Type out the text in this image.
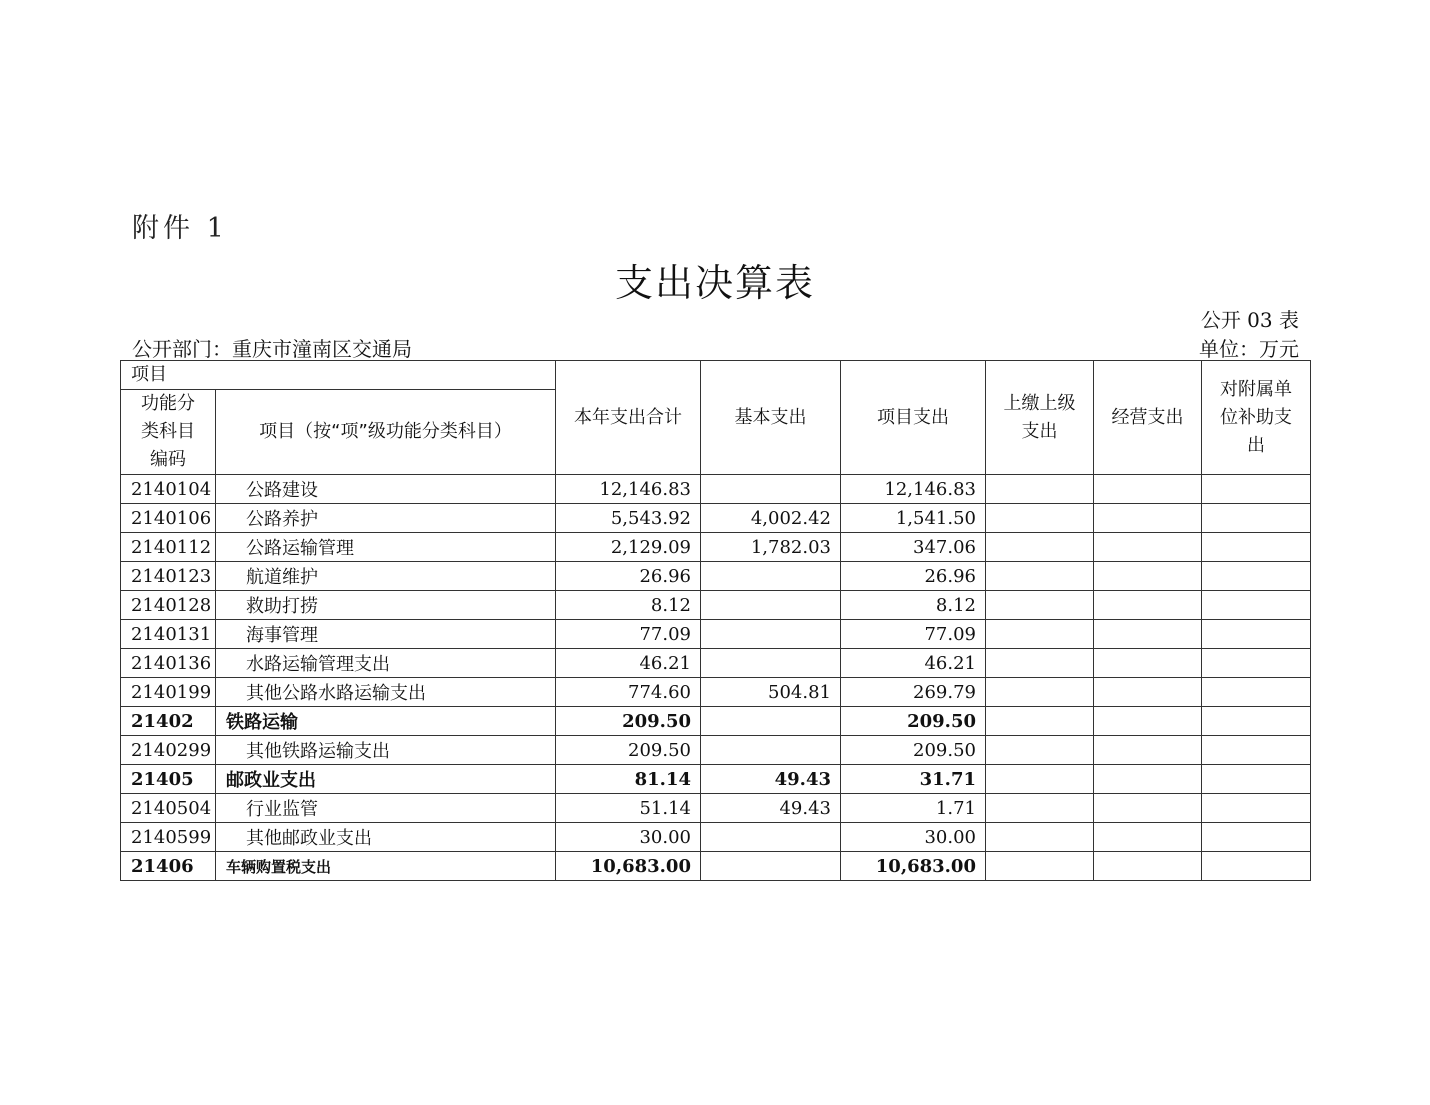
附件 1
支出决算表
公开 03 表
公开部门：重庆市潼南区交通局	单位：万元
项目		本年支出合计	基本支出	项目支出	上缴上级支出	经营支出	对附属单位补助支出
功能分类科目编码	项目（按“项”级功能分类科目）						
2140104	公路建设	12,146.83		12,146.83			
2140106	公路养护	5,543.92	4,002.42	1,541.50			
2140112	公路运输管理	2,129.09	1,782.03	347.06			
2140123	航道维护	26.96		26.96			
2140128	救助打捞	8.12		8.12			
2140131	海事管理	77.09		77.09			
2140136	水路运输管理支出	46.21		46.21			
2140199	其他公路水路运输支出	774.60	504.81	269.79			
21402	铁路运输	209.50		209.50			
2140299	其他铁路运输支出	209.50		209.50			
21405	邮政业支出	81.14	49.43	31.71			
2140504	行业监管	51.14	49.43	1.71			
2140599	其他邮政业支出	30.00		30.00			
21406	车辆购置税支出	10,683.00		10,683.00			
